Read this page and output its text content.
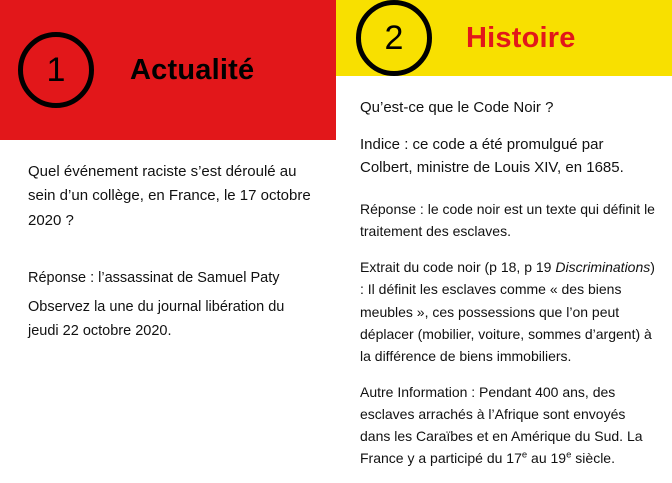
1 Actualité

Quel événement raciste s’est déroulé au sein d’un collège, en France, le 17 octobre 2020 ?

Réponse : l’assassinat de Samuel Paty

Observez la une du journal libération du jeudi 22 octobre 2020.

2 Histoire

Qu’est-ce que le Code Noir ?

Indice : ce code a été promulgué par Colbert, ministre de Louis XIV, en 1685.

Réponse : le code noir est un texte qui définit le traitement des esclaves.

Extrait du code noir (p 18, p 19 Discriminations) : Il définit les esclaves comme « des biens meubles », ces possessions que l’on peut déplacer (mobilier, voiture, sommes d’argent) à la différence de biens immobiliers.

Autre Information : Pendant 400 ans, des esclaves arrachés à l’Afrique sont envoyés dans les Caraïbes et en Amérique du Sud. La France y a participé du 17e au 19e siècle.
